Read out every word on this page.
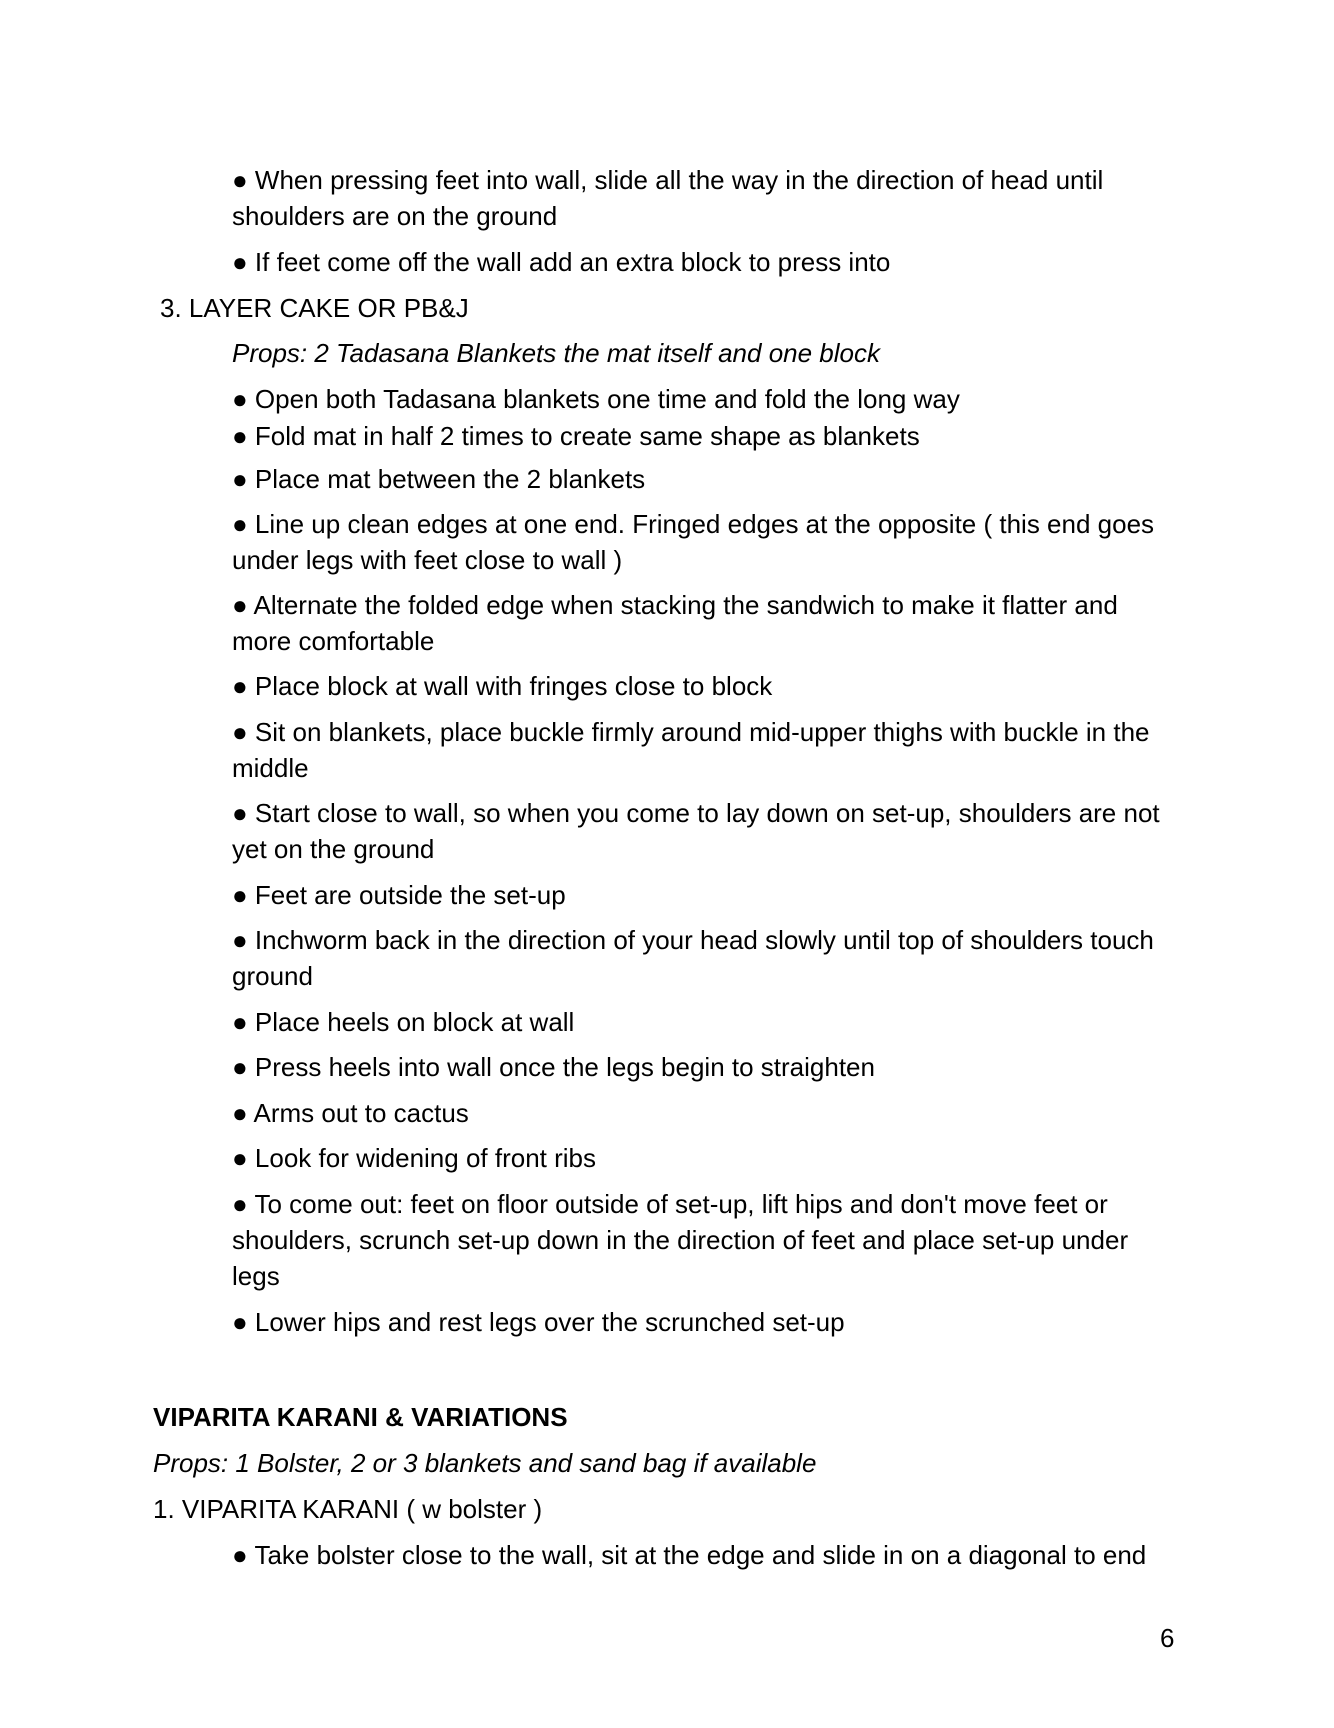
● When pressing feet into wall, slide all the way in the direction of head until
shoulders are on the ground
● If feet come off the wall add an extra block to press into
3. LAYER CAKE OR PB&J
Props: 2 Tadasana Blankets the mat itself and one block
● Open both Tadasana blankets one time and fold the long way
● Fold mat in half 2 times to create same shape as blankets
● Place mat between the 2 blankets
● Line up clean edges at one end. Fringed edges at the opposite ( this end goes
under legs with feet close to wall )
● Alternate the folded edge when stacking the sandwich to make it flatter and
more comfortable
● Place block at wall with fringes close to block
● Sit on blankets, place buckle firmly around mid-upper thighs with buckle in the
middle
● Start close to wall, so when you come to lay down on set-up, shoulders are not
yet on the ground
● Feet are outside the set-up
● Inchworm back in the direction of your head slowly until top of shoulders touch
ground
● Place heels on block at wall
● Press heels into wall once the legs begin to straighten
● Arms out to cactus
● Look for widening of front ribs
● To come out: feet on floor outside of set-up, lift hips and don't move feet or
shoulders, scrunch set-up down in the direction of feet and place set-up under
legs
● Lower hips and rest legs over the scrunched set-up
VIPARITA KARANI & VARIATIONS
Props: 1 Bolster, 2 or 3 blankets and sand bag if available
1. VIPARITA KARANI ( w bolster )
● Take bolster close to the wall, sit at the edge and slide in on a diagonal to end
6
